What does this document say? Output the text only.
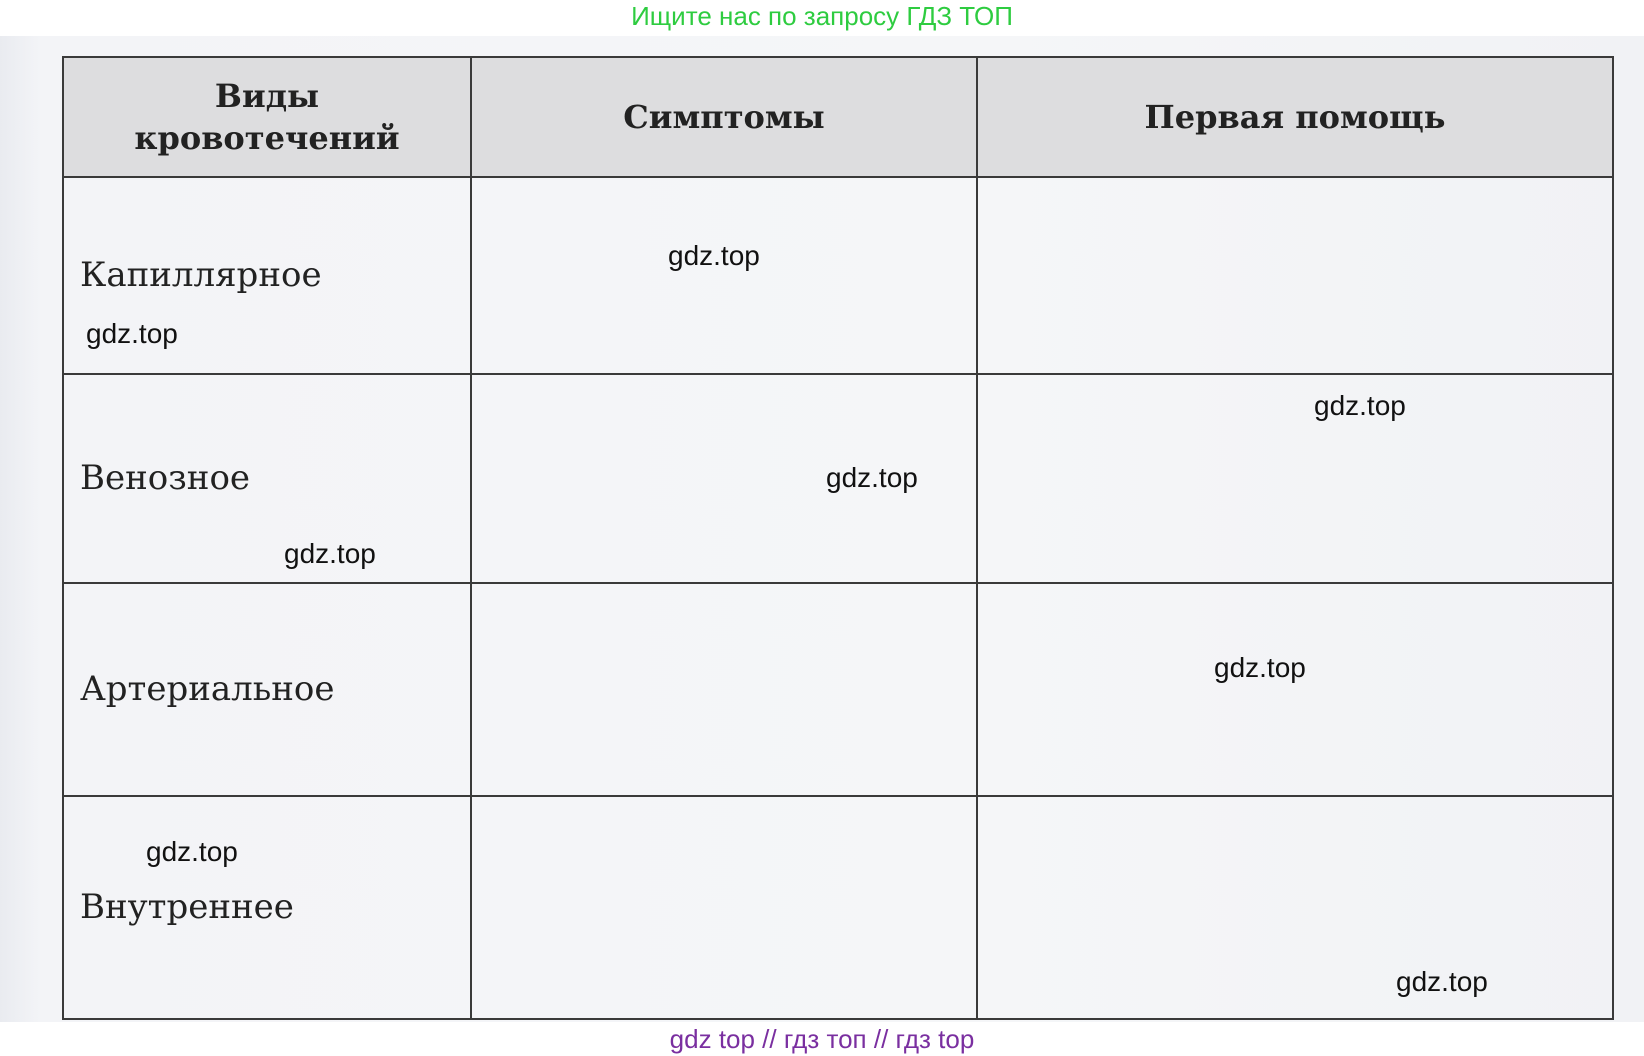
Ищите нас по запросу ГДЗ ТОП
Виды кровотечений	Симптомы	Первая помощь
Капиллярное		
Венозное		
Артериальное		
Внутреннее		
gdz.top
gdz.top
gdz.top
gdz.top
gdz.top
gdz.top
gdz.top
gdz.top
gdz top // гдз топ // гдз top
